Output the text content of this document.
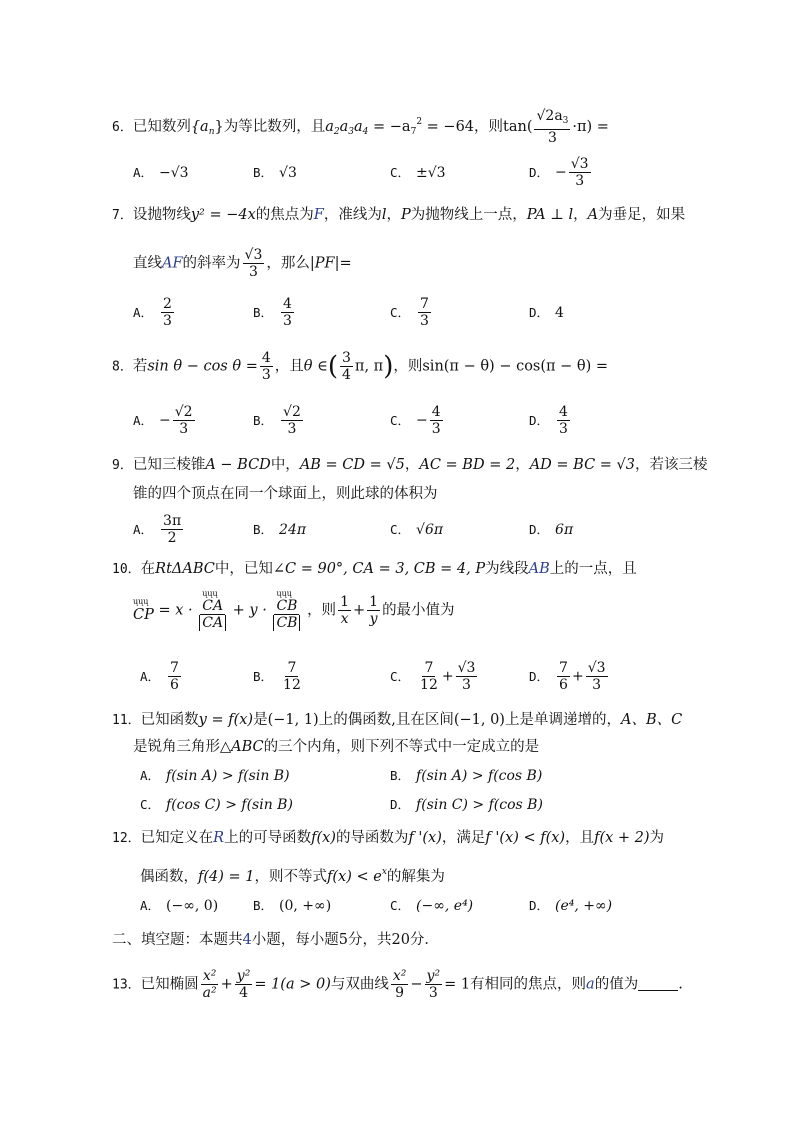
6．已知数列$\{a_n\}$为等比数列，且$a_2a_3a_4 = -a_7^2 = -64$，则$\tan( \frac{√2a_3}{3} \cdot\pi)$ =
A． −√3	B． √3	C． ±√3	D． − $\frac{√3}{3}$
7．设抛物线y² = −4x的焦点为F，准线为l，P为抛物线上一点，PA ⊥ l，A为垂足，如果
直线AF的斜率为 $\frac{√3}{3}$ ，那么|PF|=
A． $\frac{2}{3}$	B． $\frac{4}{3}$	C． $\frac{7}{3}$	D． 4
8．若$\sin \theta - \cos \theta = \frac{4}{3}$ ，且θ ∈( $\frac{3}{4} \pi$, π)，则sin(π − θ) − cos(π − θ) =
A． − $\frac{√2}{3}$	B． $\frac{√2}{3}$	C． − $\frac{4}{3}$	D． $\frac{4}{3}$
9．已知三棱锥A − BCD中，AB = CD = √5，AC = BD = 2，AD = BC = √3，若该三棱
锥的四个顶点在同一个球面上，则此球的体积为
A． $\frac{3\pi}{2}$	B． 24π	C． √6π	D． 6π
10．在RtΔABC中，已知∠C = 90°, CA = 3, CB = 4, P为线段AB上的一点，且
ųųų
CP = x · ųųų
CA
CA + y · ųųų
CB
CB ，则 $\frac{1}{x} + \frac{1}{y}$ 的最小值为
A． $\frac{7}{6}$	B． $\frac{7}{12}$	C． $\frac{7}{12} + \frac{√3}{3}$	D． $\frac{7}{6} + \frac{√3}{3}$
11．已知函数y = f(x)是(−1, 1)上的偶函数,且在区间(−1, 0)上是单调递增的，A、B、C
是锐角三角形△ABC的三个内角，则下列不等式中一定成立的是
A． f(sin A) > f(sin B)	B． f(sin A) > f(cos B)
C． f(cos C) > f(sin B)	D． f(sin C) > f(cos B)
12．已知定义在R上的可导函数f(x)的导函数为f '(x)，满足f '(x) < f(x)，且f(x + 2)为
偶函数，f(4) = 1，则不等式$f(x) < e^x$的解集为
A． (−∞, 0)	B． (0, +∞)	C． (−∞, e⁴)	D． (e⁴, +∞)
二、填空题：本题共4小题，每小题5分，共20分．
13．已知椭圆 $\frac{\text{x²}}{\text{a²}} + \frac{\text{y²}}{4} = 1(a > 0)$与双曲线 $\frac{\text{x²}}{9} - \frac{\text{y²}}{3} = 1$有相同的焦点，则a的值为	.
